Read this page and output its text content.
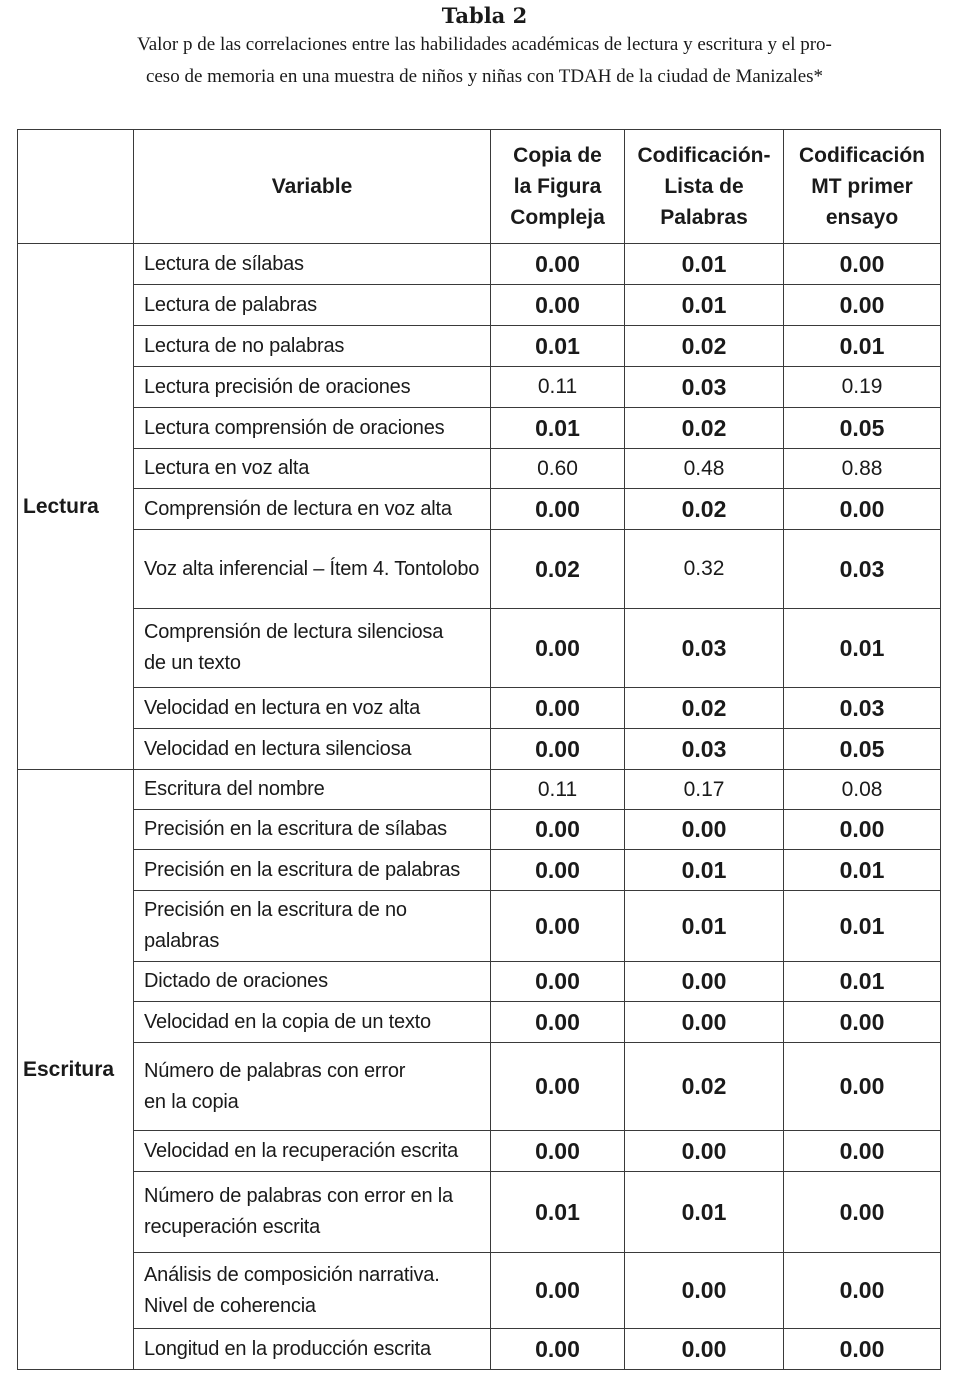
Tabla 2
Valor p de las correlaciones entre las habilidades académicas de lectura y escritura y el pro-
ceso de memoria en una muestra de niños y niñas con TDAH de la ciudad de Manizales*
	Variable	Copia de
la Figura
Compleja	Codificación-
Lista de
Palabras	Codificación
MT primer
ensayo
Lectura	Lectura de sílabas	0.00	0.01	0.00
	Lectura de palabras	0.00	0.01	0.00
	Lectura de no palabras	0.01	0.02	0.01
	Lectura precisión de oraciones	0.11	0.03	0.19
	Lectura comprensión de oraciones	0.01	0.02	0.05
	Lectura en voz alta	0.60	0.48	0.88
	Comprensión de lectura en voz alta	0.00	0.02	0.00
	Voz alta inferencial – Ítem 4. Tontolobo	0.02	0.32	0.03
	Comprensión de lectura silenciosa
de un texto	0.00	0.03	0.01
	Velocidad en lectura en voz alta	0.00	0.02	0.03
	Velocidad en lectura silenciosa	0.00	0.03	0.05
Escritura	Escritura del nombre	0.11	0.17	0.08
	Precisión en la escritura de sílabas	0.00	0.00	0.00
	Precisión en la escritura de palabras	0.00	0.01	0.01
	Precisión en la escritura de no
palabras	0.00	0.01	0.01
	Dictado de oraciones	0.00	0.00	0.01
	Velocidad en la copia de un texto	0.00	0.00	0.00
	Número de palabras con error
en la copia	0.00	0.02	0.00
	Velocidad en la recuperación escrita	0.00	0.00	0.00
	Número de palabras con error en la
recuperación escrita	0.01	0.01	0.00
	Análisis de composición narrativa.
Nivel de coherencia	0.00	0.00	0.00
	Longitud en la producción escrita	0.00	0.00	0.00
